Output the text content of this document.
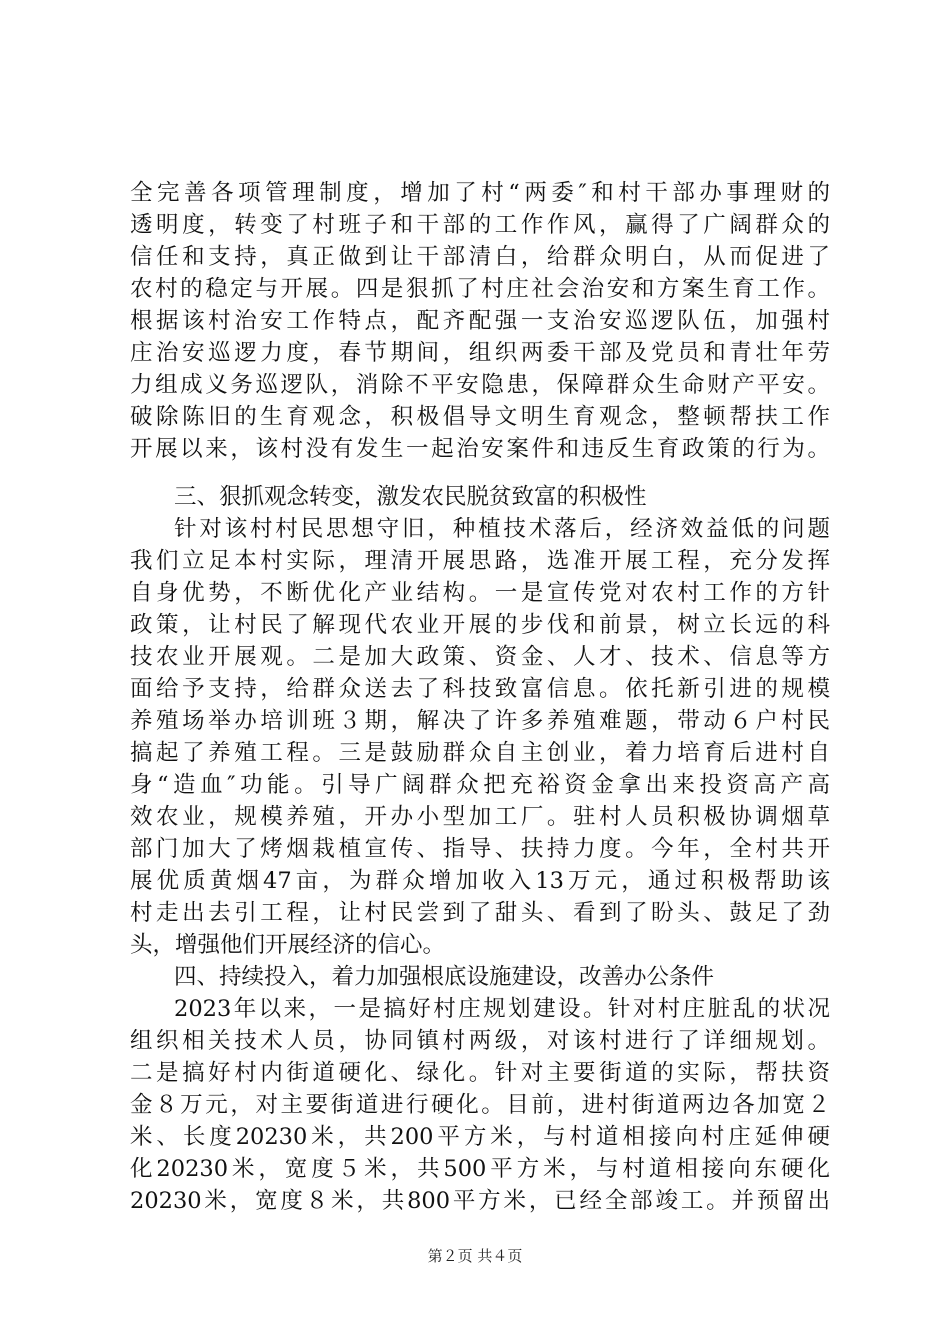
全完善各项管理制度，增加了村“两委″和村干部办事理财的
透明度，转变了村班子和干部的工作作风，赢得了广阔群众的
信任和支持，真正做到让干部清白，给群众明白，从而促进了
农村的稳定与开展。四是狠抓了村庄社会治安和方案生育工作。
根据该村治安工作特点，配齐配强一支治安巡逻队伍，加强村
庄治安巡逻力度，春节期间，组织两委干部及党员和青壮年劳
力组成义务巡逻队，消除不平安隐患，保障群众生命财产平安。
破除陈旧的生育观念，积极倡导文明生育观念，整顿帮扶工作
开展以来，该村没有发生一起治安案件和违反生育政策的行为。
三、狠抓观念转变，激发农民脱贫致富的积极性
针对该村村民思想守旧，种植技术落后，经济效益低的问题
我们立足本村实际，理清开展思路，选准开展工程，充分发挥
自身优势，不断优化产业结构。一是宣传党对农村工作的方针
政策，让村民了解现代农业开展的步伐和前景，树立长远的科
技农业开展观。二是加大政策、资金、人才、技术、信息等方
面给予支持，给群众送去了科技致富信息。依托新引进的规模
养殖场举办培训班３期，解决了许多养殖难题，带动６户村民
搞起了养殖工程。三是鼓励群众自主创业，着力培育后进村自
身“造血″功能。引导广阔群众把充裕资金拿出来投资高产高
效农业，规模养殖，开办小型加工厂。驻村人员积极协调烟草
部门加大了烤烟栽植宣传、指导、扶持力度。今年，全村共开
展优质黄烟47亩，为群众增加收入13万元，通过积极帮助该
村走出去引工程，让村民尝到了甜头、看到了盼头、鼓足了劲
头，增强他们开展经济的信心。
四、持续投入，着力加强根底设施建设，改善办公条件
2023年以来，一是搞好村庄规划建设。针对村庄脏乱的状况
组织相关技术人员，协同镇村两级，对该村进行了详细规划。
二是搞好村内街道硬化、绿化。针对主要街道的实际，帮扶资
金８万元，对主要街道进行硬化。目前，进村街道两边各加宽２
米、长度20230米，共200平方米，与村道相接向村庄延伸硬
化20230米，宽度５米，共500平方米，与村道相接向东硬化
20230米，宽度８米，共800平方米，已经全部竣工。并预留出
第２页 共４页
